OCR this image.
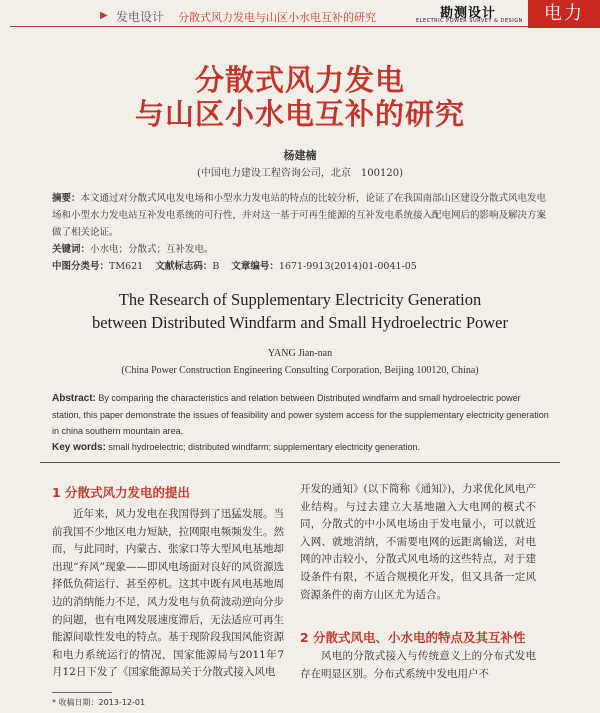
▶ 发电设计 分散式风力发电与山区小水电互补的研究	勘测设计
ELECTRIC POWER SURVEY & DESIGN	电力
分散式风力发电
与山区小水电互补的研究
杨建楠
(中国电力建设工程咨询公司，北京　100120)
摘要：本文通过对分散式风电发电场和小型水力发电站的特点的比较分析，论证了在我国南部山区建设分散式风电发电场和小型水力发电站互补发电系统的可行性，并对这一基于可再生能源的互补发电系统接入配电网后的影响及解决方案做了相关论证。
关键词：小水电；分散式；互补发电。
中图分类号：TM621 文献标志码：B 文章编号：1671-9913(2014)01-0041-05
The Research of Supplementary Electricity Generation
between Distributed Windfarm and Small Hydroelectric Power
YANG Jian-nan
(China Power Construction Engineering Consulting Corporation, Beijing 100120, China)
Abstract: By comparing the characteristics and relation between Distributed windfarm and small hydroelectric power station, this paper demonstrate the issues of feasibility and power system access for the supplementary electricity generation in china southern mountain area.
Key words: small hydroelectric; distributed windfarm; supplementary electricity generation.
1 分散式风力发电的提出
近年来，风力发电在我国得到了迅猛发展。当前我国不少地区电力短缺，拉网限电频频发生。然而，与此同时，内蒙古、张家口等大型风电基地却出现“弃风”现象——即风电场面对良好的风资源选择低负荷运行、甚至停机。这其中既有风电基地周边的消纳能力不足，风力发电与负荷波动逆向分步的问题，也有电网发展速度滞后，无法适应可再生能源间歇性发电的特点。基于现阶段我国风能资源和电力系统运行的情况，国家能源局与2011年7月12日下发了《国家能源局关于分散式接入风电
开发的通知》(以下简称《通知》)，力求优化风电产业结构。与过去建立大基地融入大电网的模式不同，分散式的中小风电场由于发电量小，可以就近入网、就地消纳，不需要电网的远距离输送，对电网的冲击较小，分散式风电场的这些特点，对于建设条件有限，不适合规模化开发，但又具备一定风资源条件的南方山区尤为适合。
2 分散式风电、小水电的特点及其互补性
风电的分散式接入与传统意义上的分布式发电存在明显区别。分布式系统中发电用户不
* 收稿日期：2013-12-01
